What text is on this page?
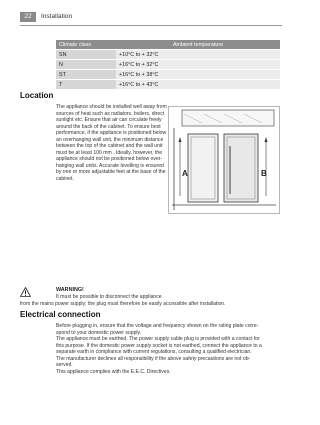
22	Installation
Climate class	Ambient temperature
SN	+10°C to + 32°C
N	+16°C to + 32°C
ST	+16°C to + 38°C
T	+16°C to + 43°C
Location
The appliance should be installed well away from
sources of heat such as radiators, boilers, direct
sunlight etc. Ensure that air can circulate freely
around the back of the cabinet. To ensure best
performance, if the appliance is positioned below
an overhanging wall unit, the minimum distance
between the top of the cabinet and the wall unit
must be at least 100 mm . Ideally, however, the
appliance should not be positioned below over-
hanging wall units. Accurate levelling is ensured
by one or more adjustable feet at the base of the
cabinet.
A	B
WARNING!
It must be possible to disconnect the appliance
from the mains power supply; the plug must therefore be easily accessible after installation.
Electrical connection
Before plugging in, ensure that the voltage and frequency shown on the rating plate corre-
spond to your domestic power supply.
The appliance must be earthed. The power supply cable plug is provided with a contact for
this purpose. If the domestic power supply socket is not earthed, connect the appliance to a
separate earth in compliance with current regulations, consulting a qualified electrician.
The manufacturer declines all responsibility if the above safety precautions are not ob-
served.
This appliance complies with the E.E.C. Directives.
